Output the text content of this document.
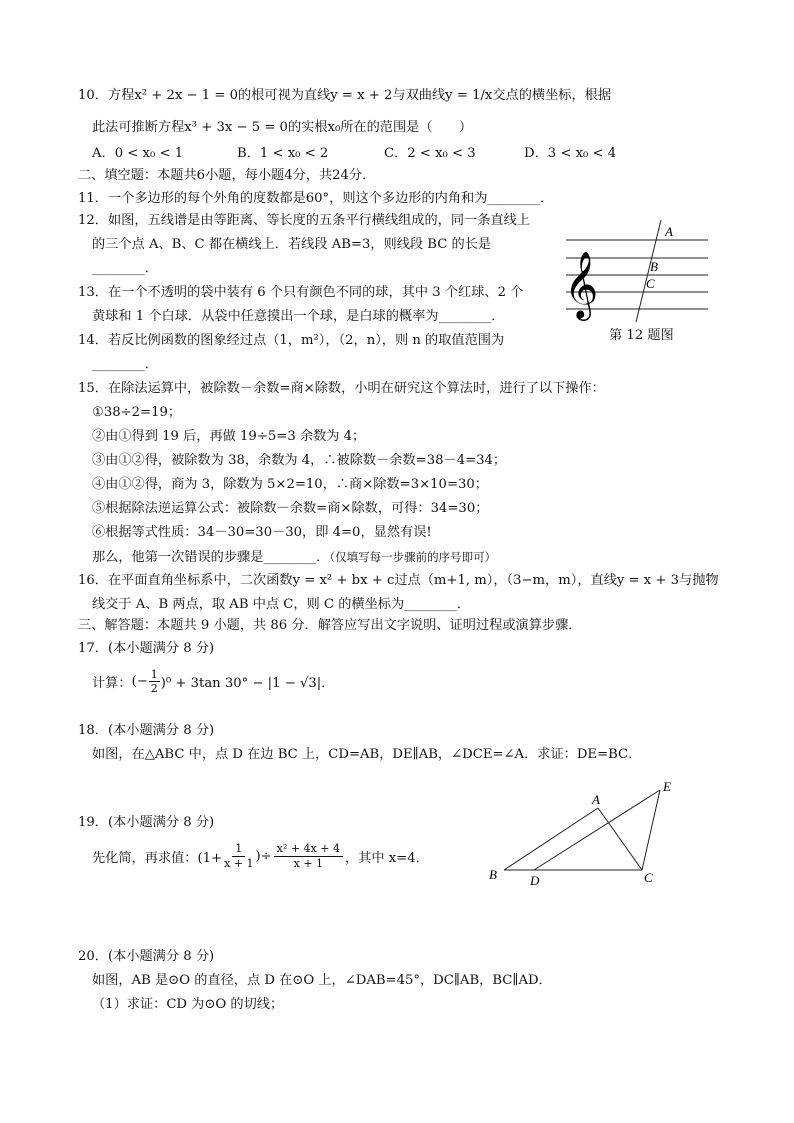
10．方程x² + 2x − 1 = 0的根可视为直线y = x + 2与双曲线y = 1/x交点的横坐标，根据
此法可推断方程x³ + 3x − 5 = 0的实根x₀所在的范围是（　　）
A．0 < x₀ < 1	B．1 < x₀ < 2	C．2 < x₀ < 3	D．3 < x₀ < 4
二、填空题：本题共6小题，每小题4分，共24分．
11．一个多边形的每个外角的度数都是60°，则这个多边形的内角和为________．
12．如图，五线谱是由等距离、等长度的五条平行横线组成的，同一条直线上
的三个点 A、B、C 都在横线上．若线段 AB=3，则线段 BC 的长是
________．	𝄞
A
B
C
第 12 题图
13．在一个不透明的袋中装有 6 个只有颜色不同的球，其中 3 个红球、2 个
黄球和 1 个白球．从袋中任意摸出一个球，是白球的概率为________．
14．若反比例函数的图象经过点（1，m²），（2，n），则 n 的取值范围为
________．
15．在除法运算中，被除数－余数=商×除数，小明在研究这个算法时，进行了以下操作：
①38÷2=19；
②由①得到 19 后，再做 19÷5=3 余数为 4；
③由①②得，被除数为 38，余数为 4，∴被除数－余数=38－4=34；
④由①②得，商为 3，除数为 5×2=10，∴商×除数=3×10=30；
⑤根据除法逆运算公式：被除数－余数=商×除数，可得：34=30；
⑥根据等式性质：34－30=30－30，即 4=0，显然有误!
那么，他第一次错误的步骤是________．（仅填写每一步骤前的序号即可）
16．在平面直角坐标系中，二次函数y = x² + bx + c过点（m+1, m），（3−m，m），直线y = x + 3与抛物
线交于 A、B 两点，取 AB 中点 C，则 C 的横坐标为________．
三、解答题：本题共 9 小题，共 86 分．解答应写出文字说明、证明过程或演算步骤．
17．(本小题满分 8 分)
计算： (− $\frac{1}{2} )^0 + 3\tan$ 30° − |1 − √3|．
18．(本小题满分 8 分)
如图，在△ABC 中，点 D 在边 BC 上，CD=AB，DE∥AB，∠DCE=∠A．求证：DE=BC．
A
B	C
D
E
19．(本小题满分 8 分)
先化简，再求值：($1+ \frac{1}{x + 1}$ )÷ $\frac{\text{x² + 4x + 4}}{x + 1}$ ，其中 x=4．
20．(本小题满分 8 分)
如图，AB 是⊙O 的直径，点 D 在⊙O 上，∠DAB=45°，DC∥AB，BC∥AD．
（1）求证：CD 为⊙O 的切线；
